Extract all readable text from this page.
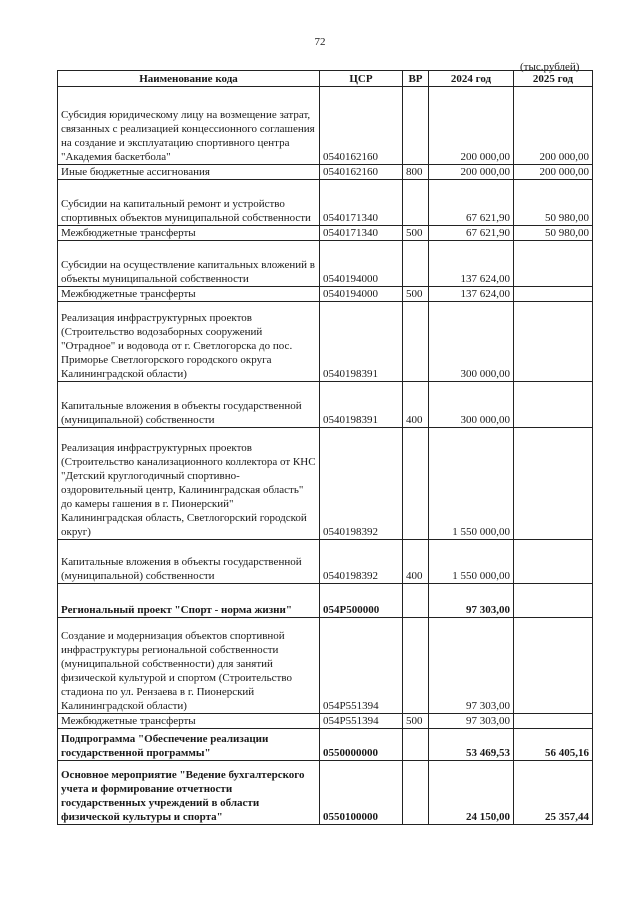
72
(тыс.рублей)
Наименование кода	ЦСР	ВР	2024 год	2025 год
Субсидия юридическому лицу на возмещение затрат, связанных с реализацией концессионного соглашения на создание и эксплуатацию спортивного центра "Академия баскетбола"	0540162160		200 000,00	200 000,00
Иные бюджетные ассигнования	0540162160	800	200 000,00	200 000,00
Субсидии на капитальный ремонт и устройство спортивных объектов муниципальной собственности	0540171340		67 621,90	50 980,00
Межбюджетные трансферты	0540171340	500	67 621,90	50 980,00
Субсидии на осуществление капитальных вложений в объекты муниципальной собственности	0540194000		137 624,00	
Межбюджетные трансферты	0540194000	500	137 624,00	
Реализация инфраструктурных проектов (Строительство водозаборных сооружений "Отрадное" и водовода от г. Светлогорска до пос. Приморье Светлогорского городского округа Калининградской области)	0540198391		300 000,00	
Капитальные вложения в объекты государственной (муниципальной) собственности	0540198391	400	300 000,00	
Реализация инфраструктурных проектов (Строительство канализационного коллектора от КНС "Детский круглогодичный спортивно-оздоровительный центр, Калининградская область" до камеры гашения в г. Пионерский" Калининградская область, Светлогорский городской округ)	0540198392		1 550 000,00	
Капитальные вложения в объекты государственной (муниципальной) собственности	0540198392	400	1 550 000,00	
Региональный проект "Спорт - норма жизни"	054P500000		97 303,00	
Создание и модернизация объектов спортивной инфраструктуры региональной собственности (муниципальной собственности) для занятий физической культурой и спортом (Строительство стадиона по ул. Рензаева в г. Пионерский Калининградской области)	054P551394		97 303,00	
Межбюджетные трансферты	054P551394	500	97 303,00	
Подпрограмма "Обеспечение реализации государственной программы"	0550000000		53 469,53	56 405,16
Основное мероприятие "Ведение бухгалтерского учета и формирование отчетности государственных учреждений в области физической культуры и спорта"	0550100000		24 150,00	25 357,44
